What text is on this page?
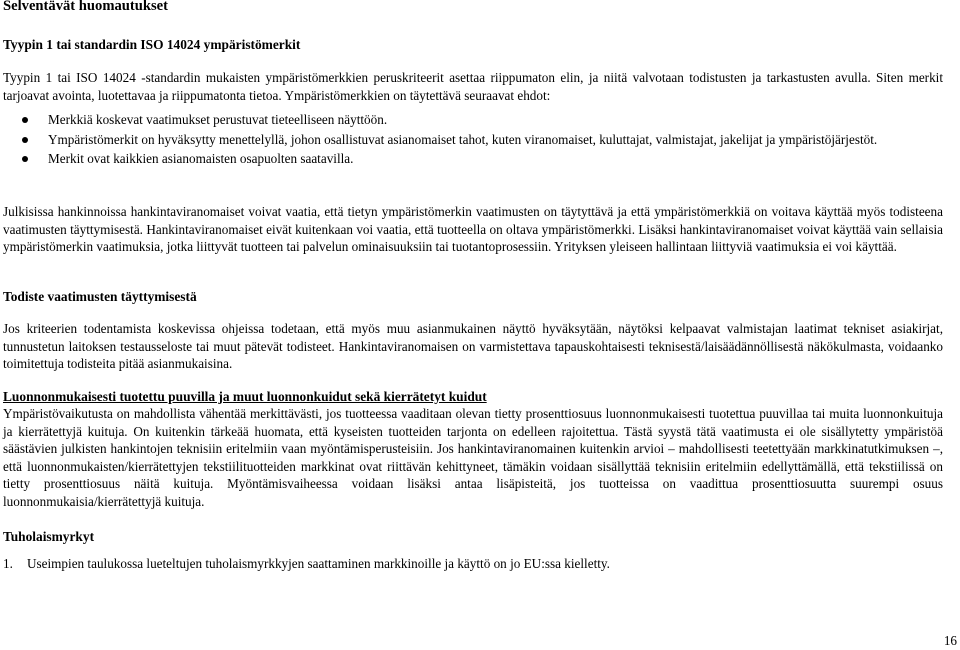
Selventävät huomautukset
Tyypin 1 tai standardin ISO 14024 ympäristömerkit
Tyypin 1 tai ISO 14024 -standardin mukaisten ympäristömerkkien peruskriteerit asettaa riippumaton elin, ja niitä valvotaan todistusten ja tarkastusten avulla. Siten merkit tarjoavat avointa, luotettavaa ja riippumatonta tietoa. Ympäristömerkkien on täytettävä seuraavat ehdot:
Merkkiä koskevat vaatimukset perustuvat tieteelliseen näyttöön.
Ympäristömerkit on hyväksytty menettelyllä, johon osallistuvat asianomaiset tahot, kuten viranomaiset, kuluttajat, valmistajat, jakelijat ja ympäristöjärjestöt.
Merkit ovat kaikkien asianomaisten osapuolten saatavilla.
Julkisissa hankinnoissa hankintaviranomaiset voivat vaatia, että tietyn ympäristömerkin vaatimusten on täytyttävä ja että ympäristömerkkiä on voitava käyttää myös todisteena vaatimusten täyttymisestä. Hankintaviranomaiset eivät kuitenkaan voi vaatia, että tuotteella on oltava ympäristömerkki. Lisäksi hankintaviranomaiset voivat käyttää vain sellaisia ympäristömerkin vaatimuksia, jotka liittyvät tuotteen tai palvelun ominaisuuksiin tai tuotantoprosessiin. Yrityksen yleiseen hallintaan liittyviä vaatimuksia ei voi käyttää.
Todiste vaatimusten täyttymisestä
Jos kriteerien todentamista koskevissa ohjeissa todetaan, että myös muu asianmukainen näyttö hyväksytään, näytöksi kelpaavat valmistajan laatimat tekniset asiakirjat, tunnustetun laitoksen testausseloste tai muut pätevät todisteet. Hankintaviranomaisen on varmistettava tapauskohtaisesti teknisestä/laisäädännöllisestä näkökulmasta, voidaanko toimitettuja todisteita pitää asianmukaisina.
Luonnonmukaisesti tuotettu puuvilla ja muut luonnonkuidut sekä kierrätetyt kuidut
Ympäristövaikutusta on mahdollista vähentää merkittävästi, jos tuotteessa vaaditaan olevan tietty prosenttiosuus luonnonmukaisesti tuotettua puuvillaa tai muita luonnonkuituja ja kierrätettyjä kuituja. On kuitenkin tärkeää huomata, että kyseisten tuotteiden tarjonta on edelleen rajoitettua. Tästä syystä tätä vaatimusta ei ole sisällytetty ympäristöä säästävien julkisten hankintojen teknisiin eritelmiin vaan myöntämisperusteisiin. Jos hankintaviranomainen kuitenkin arvioi – mahdollisesti teetettyään markkinatutkimuksen –, että luonnonmukaisten/kierrätettyjen tekstiilituotteiden markkinat ovat riittävän kehittyneet, tämäkin voidaan sisällyttää teknisiin eritelmiin edellyttämällä, että tekstiilissä on tietty prosenttiosuus näitä kuituja. Myöntämisvaiheessa voidaan lisäksi antaa lisäpisteitä, jos tuotteissa on vaadittua prosenttiosuutta suurempi osuus luonnonmukaisia/kierrätettyjä kuituja.
Tuholaismyrkyt
1. Useimpien taulukossa lueteltujen tuholaismyrkkyjen saattaminen markkinoille ja käyttö on jo EU:ssa kielletty.
16
